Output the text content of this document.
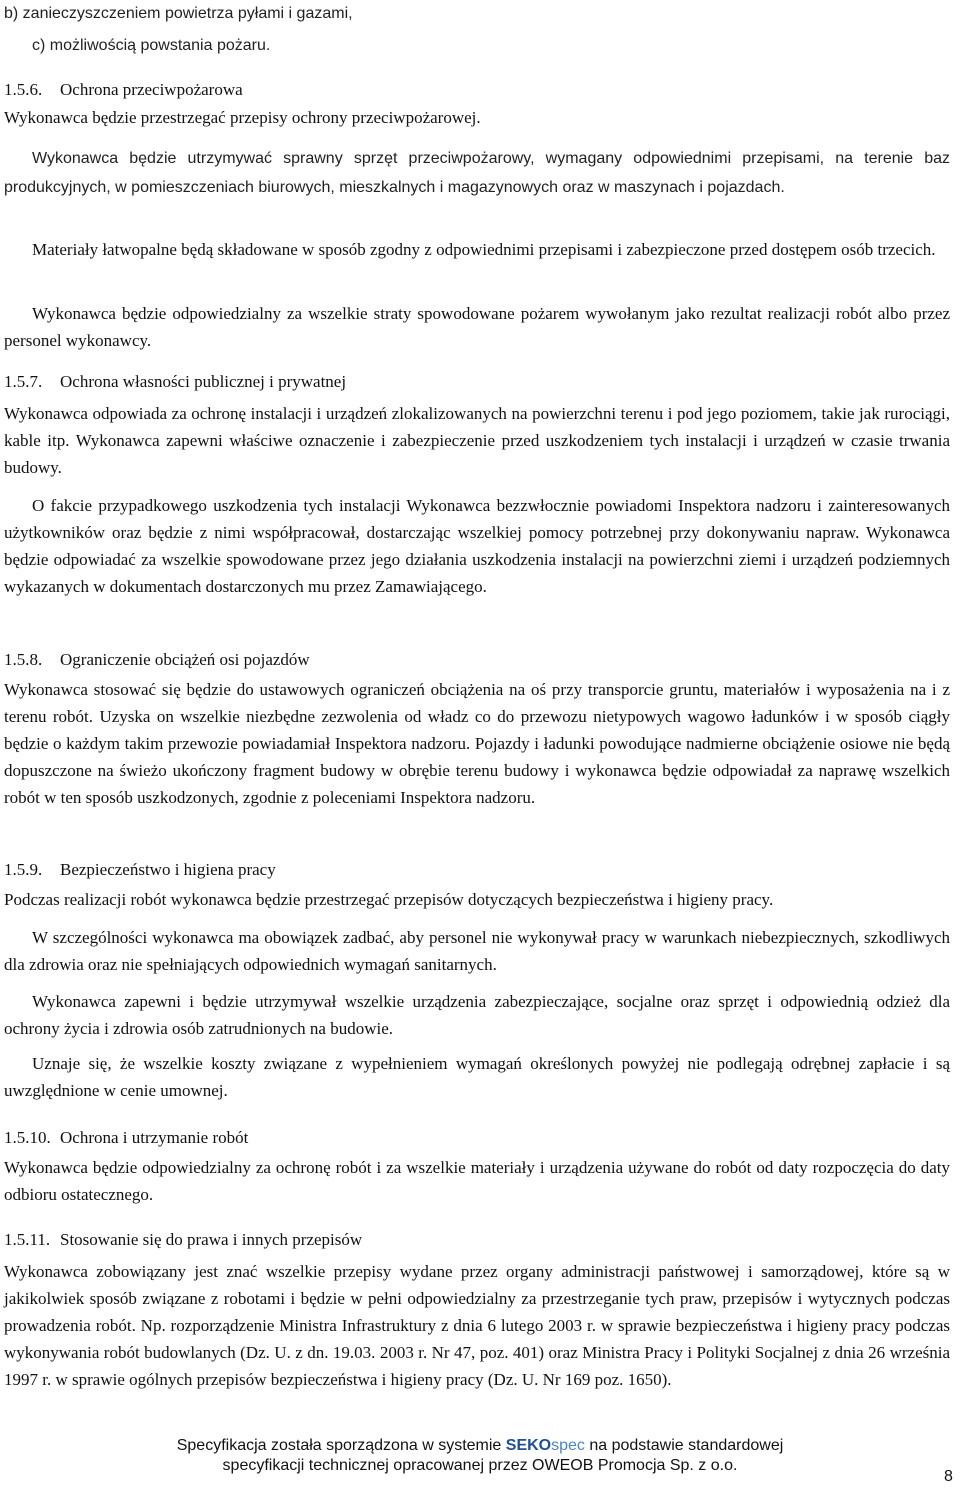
b) zanieczyszczeniem powietrza pyłami i gazami,
c) możliwością powstania pożaru.
1.5.6. Ochrona przeciwpożarowa
Wykonawca będzie przestrzegać przepisy ochrony przeciwpożarowej.
Wykonawca będzie utrzymywać sprawny sprzęt przeciwpożarowy, wymagany odpowiednimi przepisami, na terenie baz produkcyjnych, w pomieszczeniach biurowych, mieszkalnych i magazynowych oraz w maszynach i pojazdach.
Materiały łatwopalne będą składowane w sposób zgodny z odpowiednimi przepisami i zabezpieczone przed dostępem osób trzecich.
Wykonawca będzie odpowiedzialny za wszelkie straty spowodowane pożarem wywołanym jako rezultat realizacji robót albo przez personel wykonawcy.
1.5.7. Ochrona własności publicznej i prywatnej
Wykonawca odpowiada za ochronę instalacji i urządzeń zlokalizowanych na powierzchni terenu i pod jego poziomem, takie jak rurociągi, kable itp. Wykonawca zapewni właściwe oznaczenie i zabezpieczenie przed uszkodzeniem tych instalacji i urządzeń w czasie trwania budowy.
O fakcie przypadkowego uszkodzenia tych instalacji Wykonawca bezzwłocznie powiadomi Inspektora nadzoru i zainteresowanych użytkowników oraz będzie z nimi współpracował, dostarczając wszelkiej pomocy potrzebnej przy dokonywaniu napraw. Wykonawca będzie odpowiadać za wszelkie spowodowane przez jego działania uszkodzenia instalacji na powierzchni ziemi i urządzeń podziemnych wykazanych w dokumentach dostarczonych mu przez Zamawiającego.
1.5.8. Ograniczenie obciążeń osi pojazdów
Wykonawca stosować się będzie do ustawowych ograniczeń obciążenia na oś przy transporcie gruntu, materiałów i wyposażenia na i z terenu robót. Uzyska on wszelkie niezbędne zezwolenia od władz co do przewozu nietypowych wagowo ładunków i w sposób ciągły będzie o każdym takim przewozie powiadamiał Inspektora nadzoru. Pojazdy i ładunki powodujące nadmierne obciążenie osiowe nie będą dopuszczone na świeżo ukończony fragment budowy w obrębie terenu budowy i wykonawca będzie odpowiadał za naprawę wszelkich robót w ten sposób uszkodzonych, zgodnie z poleceniami Inspektora nadzoru.
1.5.9. Bezpieczeństwo i higiena pracy
Podczas realizacji robót wykonawca będzie przestrzegać przepisów dotyczących bezpieczeństwa i higieny pracy.
W szczególności wykonawca ma obowiązek zadbać, aby personel nie wykonywał pracy w warunkach niebezpiecznych, szkodliwych dla zdrowia oraz nie spełniających odpowiednich wymagań sanitarnych.
Wykonawca zapewni i będzie utrzymywał wszelkie urządzenia zabezpieczające, socjalne oraz sprzęt i odpowiednią odzież dla ochrony życia i zdrowia osób zatrudnionych na budowie.
Uznaje się, że wszelkie koszty związane z wypełnieniem wymagań określonych powyżej nie podlegają odrębnej zapłacie i są uwzględnione w cenie umownej.
1.5.10. Ochrona i utrzymanie robót
Wykonawca będzie odpowiedzialny za ochronę robót i za wszelkie materiały i urządzenia używane do robót od daty rozpoczęcia do daty odbioru ostatecznego.
1.5.11. Stosowanie się do prawa i innych przepisów
Wykonawca zobowiązany jest znać wszelkie przepisy wydane przez organy administracji państwowej i samorządowej, które są w jakikolwiek sposób związane z robotami i będzie w pełni odpowiedzialny za przestrzeganie tych praw, przepisów i wytycznych podczas prowadzenia robót. Np. rozporządzenie Ministra Infrastruktury z dnia 6 lutego 2003 r. w sprawie bezpieczeństwa i higieny pracy podczas wykonywania robót budowlanych (Dz. U. z dn. 19.03. 2003 r. Nr 47, poz. 401) oraz Ministra Pracy i Polityki Socjalnej z dnia 26 września 1997 r. w sprawie ogólnych przepisów bezpieczeństwa i higieny pracy (Dz. U. Nr 169 poz. 1650).
Specyfikacja została sporządzona w systemie SEKOspec na podstawie standardowej
specyfikacji technicznej opracowanej przez OWEOB Promocja Sp. z o.o.
8
